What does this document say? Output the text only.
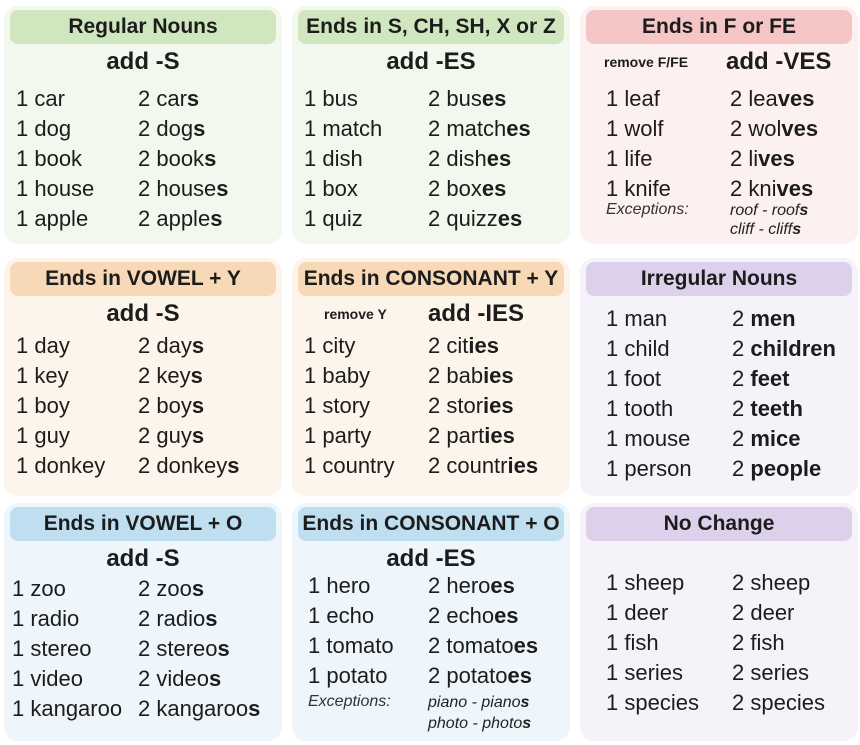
Regular Nouns
add -S
1 car	2 cars
1 dog	2 dogs
1 book	2 books
1 house 2 houses
1 apple 2 apples
Ends in S, CH, SH, X or Z
add -ES
1 bus	2 buses
1 match 2 matches
1 dish	2 dishes
1 box	2 boxes
1 quiz	2 quizzes
Ends in F or FE
remove F/FE add -VES
1 leaf	2 leaves
1 wolf	2 wolves
1 life	2 lives
1 knife	2 knives
Exceptions:	roof - roofs
cliff - cliffs
Ends in VOWEL + Y
add -S
1 day	2 days
1 key	2 keys
1 boy	2 boys
1 guy	2 guys
1 donkey 2 donkeys
Ends in CONSONANT + Y
remove Y add -IES
1 city	2 cities
1 baby	2 babies
1 story	2 stories
1 party	2 parties
1 country 2 countries
Irregular Nouns
1 man	2 men
1 child	2 children
1 foot	2 feet
1 tooth	2 teeth
1 mouse 2 mice
1 person 2 people
Ends in VOWEL + O
add -S
1 zoo	2 zoos
1 radio	2 radios
1 stereo 2 stereos
1 video	2 videos
1 kangaroo 2 kangaroos
Ends in CONSONANT + O
add -ES
1 hero	2 heroes
1 echo 2 echoes
1 tomato 2 tomatoes
1 potato 2 potatoes
Exceptions: piano - pianos
photo - photos
No Change
1 sheep 2 sheep
1 deer	2 deer
1 fish	2 fish
1 series 2 series
1 species 2 species
